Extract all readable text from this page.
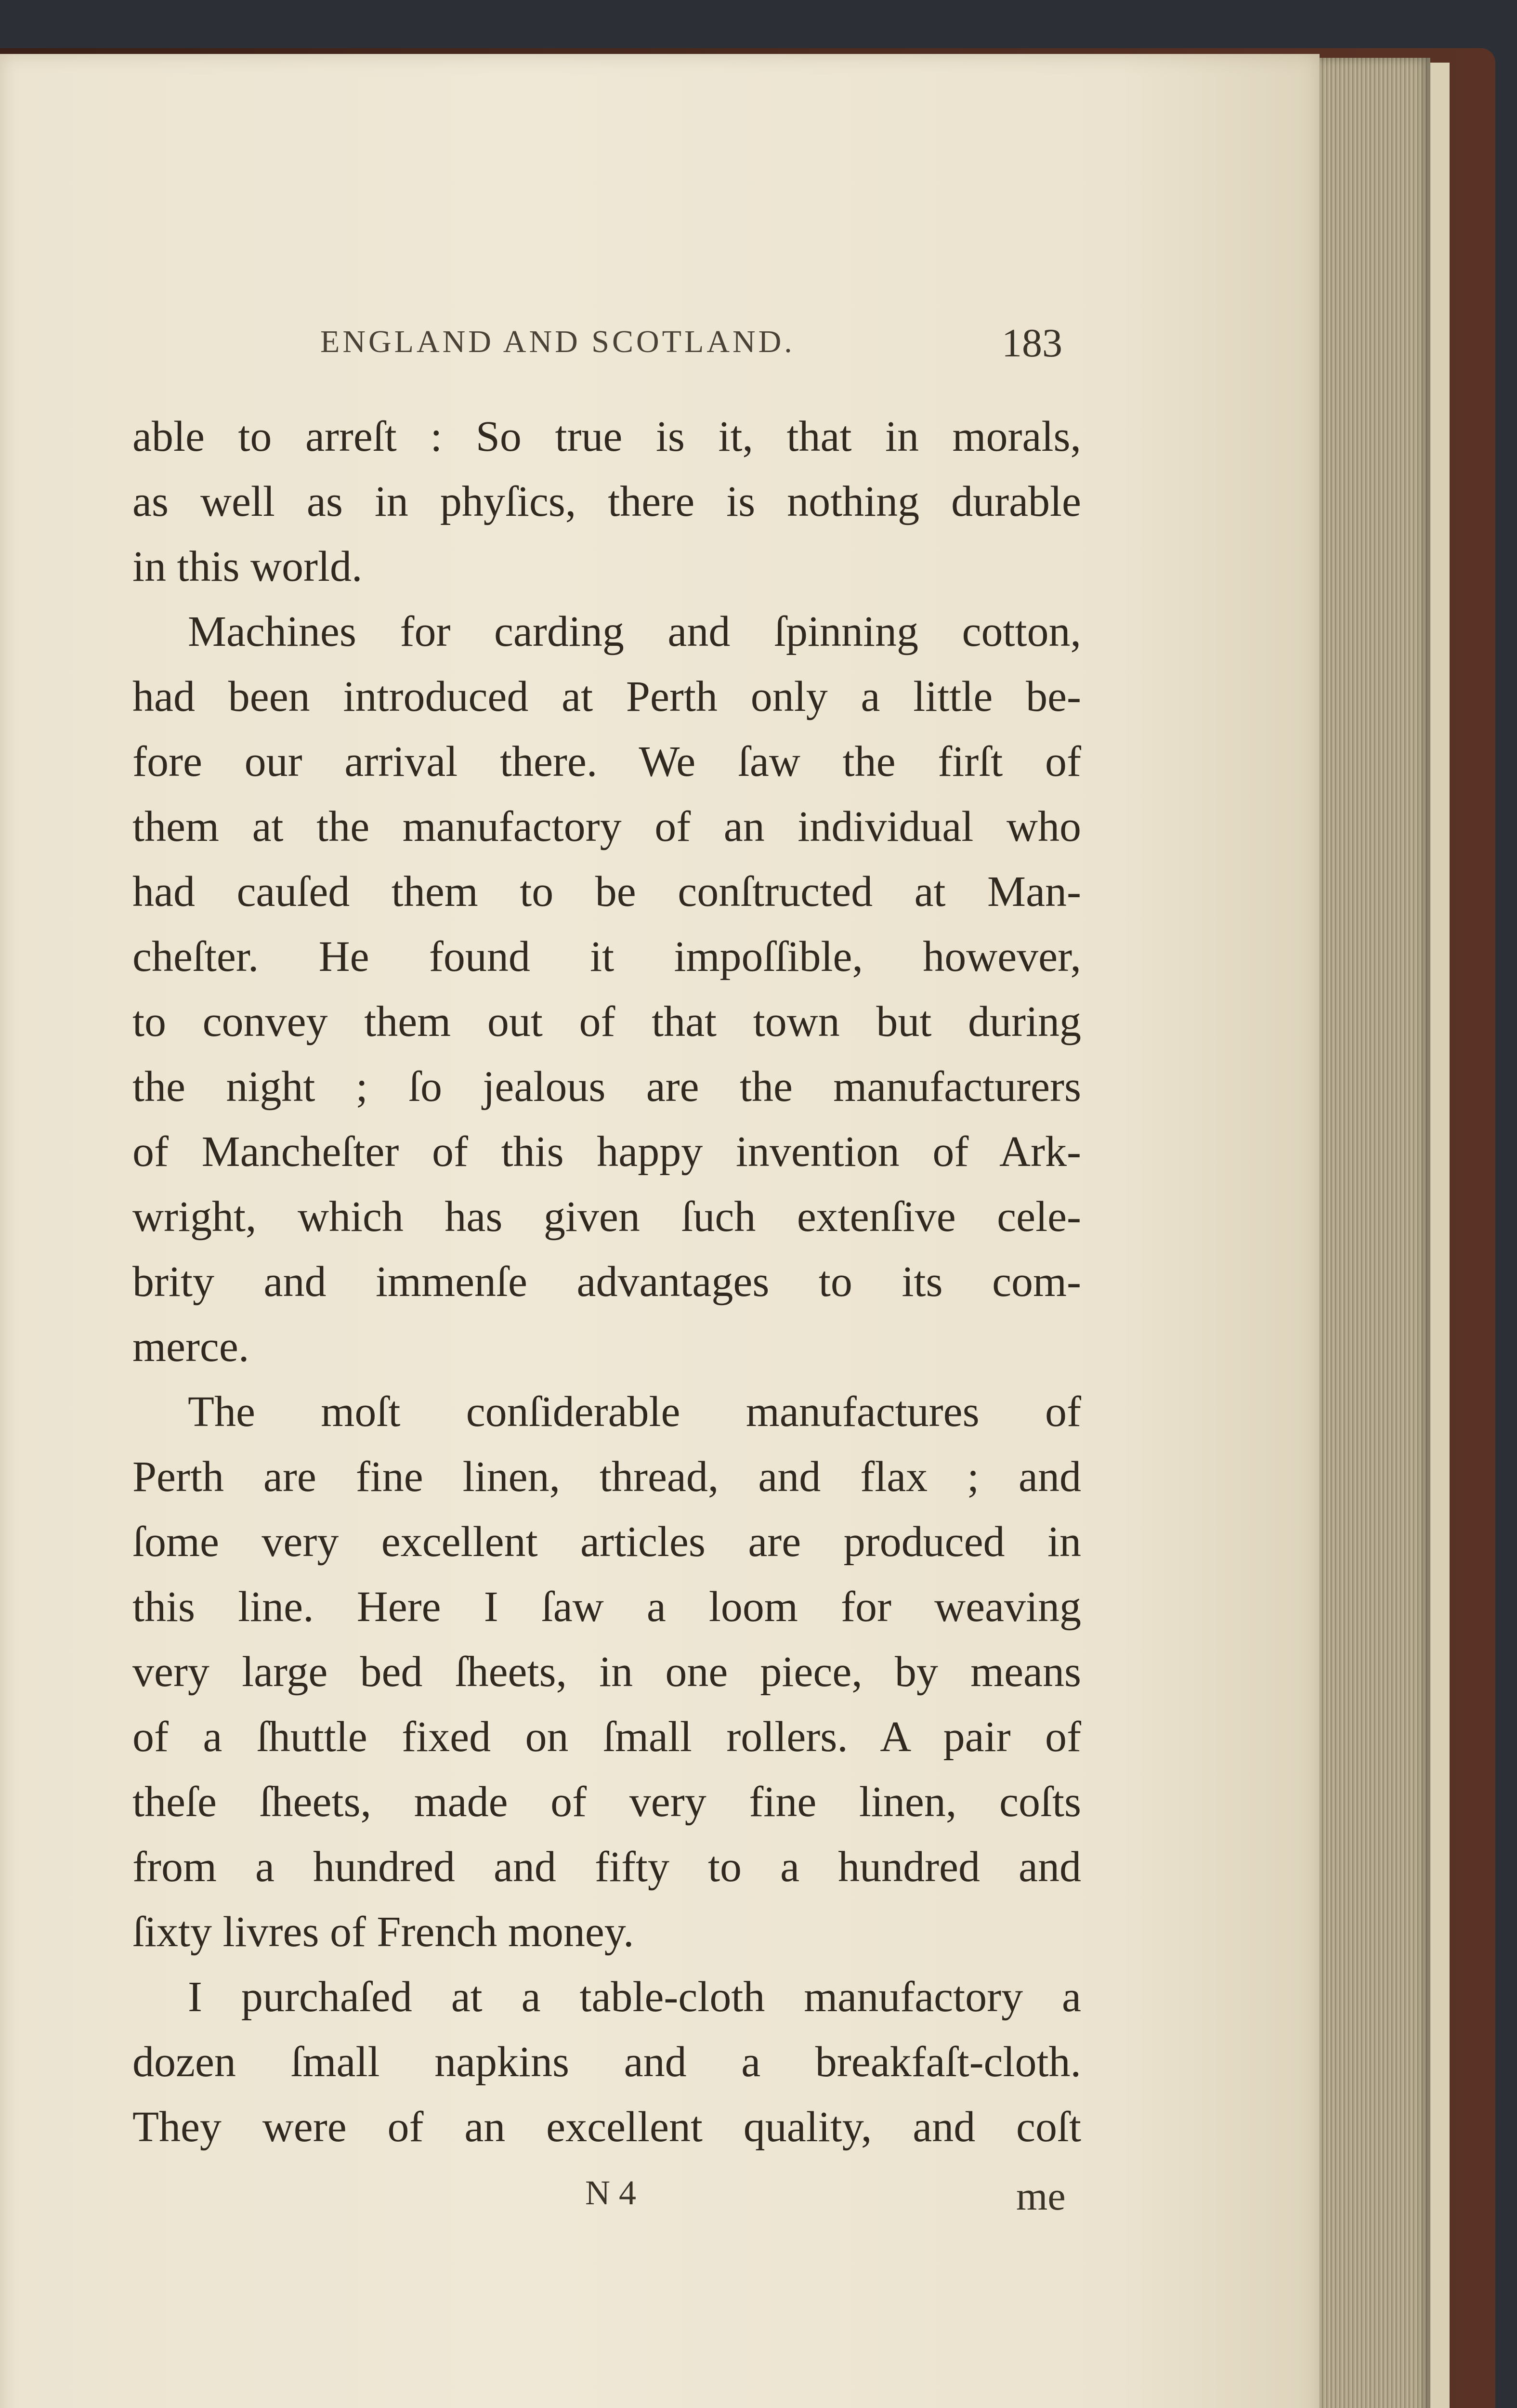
ENGLAND AND SCOTLAND.	183
able to arreſt : So true is it, that in morals,
as well as in phyſics, there is nothing durable
in this world.
Machines for carding and ſpinning cotton,
had been introduced at Perth only a little be-
fore our arrival there. We ſaw the firſt of
them at the manufactory of an individual who
had cauſed them to be conſtructed at Man-
cheſter. He found it impoſſible, however,
to convey them out of that town but during
the night ; ſo jealous are the manufacturers
of Mancheſter of this happy invention of Ark-
wright, which has given ſuch extenſive cele-
brity and immenſe advantages to its com-
merce.
The moſt conſiderable manufactures of
Perth are fine linen, thread, and flax ; and
ſome very excellent articles are produced in
this line. Here I ſaw a loom for weaving
very large bed ſheets, in one piece, by means
of a ſhuttle fixed on ſmall rollers. A pair of
theſe ſheets, made of very fine linen, coſts
from a hundred and fifty to a hundred and
ſixty livres of French money.
I purchaſed at a table-cloth manufactory a
dozen ſmall napkins and a breakfaſt-cloth.
They were of an excellent quality, and coſt
N 4	me
